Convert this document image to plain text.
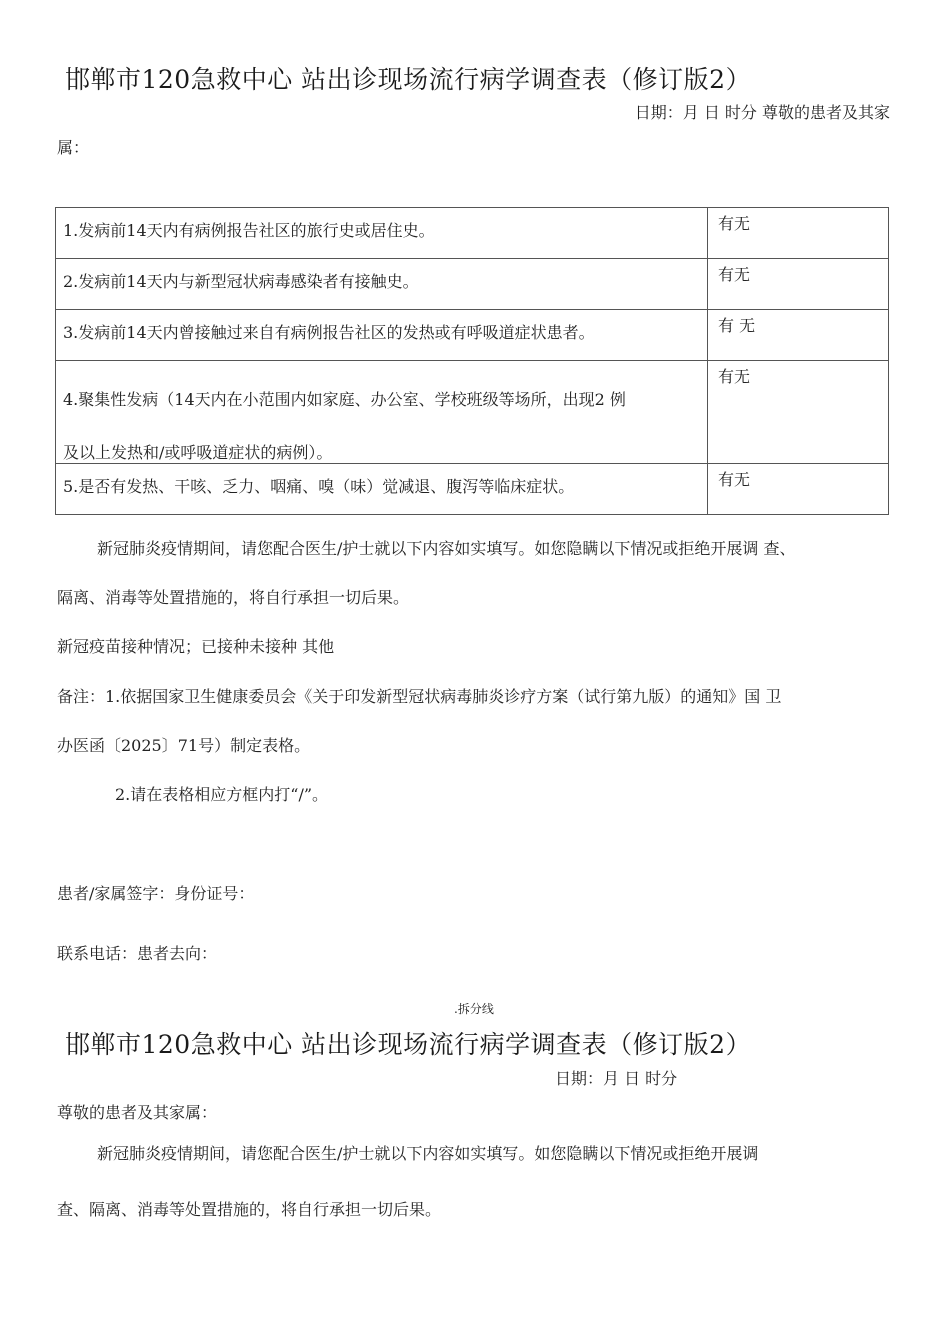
邯郸市120急救中心 站出诊现场流行病学调查表（修订版2）
日期：月 日 时分 尊敬的患者及其家
属：
1.发病前14天内有病例报告社区的旅行史或居住史。	有无

2.发病前14天内与新型冠状病毒感染者有接触史。	有无

3.发病前14天内曾接触过来自有病例报告社区的发热或有呼吸道症状患者。	有 无

4.聚集性发病（14天内在小范围内如家庭、办公室、学校班级等场所，出现2 例
及以上发热和/或呼吸道症状的病例）。	有无

5.是否有发热、干咳、乏力、咽痛、嗅（味）觉减退、腹泻等临床症状。	有无
新冠肺炎疫情期间，请您配合医生/护士就以下内容如实填写。如您隐瞒以下情况或拒绝开展调 查、
隔离、消毒等处置措施的，将自行承担一切后果。
新冠疫苗接种情况；已接种未接种 其他
备注：1.依据国家卫生健康委员会《关于印发新型冠状病毒肺炎诊疗方案（试行第九版）的通知》国 卫
办医函〔2025〕71号）制定表格。
2.请在表格相应方框内打“/”。
患者/家属签字：身份证号：
联系电话：患者去向：
.拆分线
邯郸市120急救中心 站出诊现场流行病学调查表（修订版2）
日期：月 日 时分
尊敬的患者及其家属：
新冠肺炎疫情期间，请您配合医生/护士就以下内容如实填写。如您隐瞒以下情况或拒绝开展调
查、隔离、消毒等处置措施的，将自行承担一切后果。
